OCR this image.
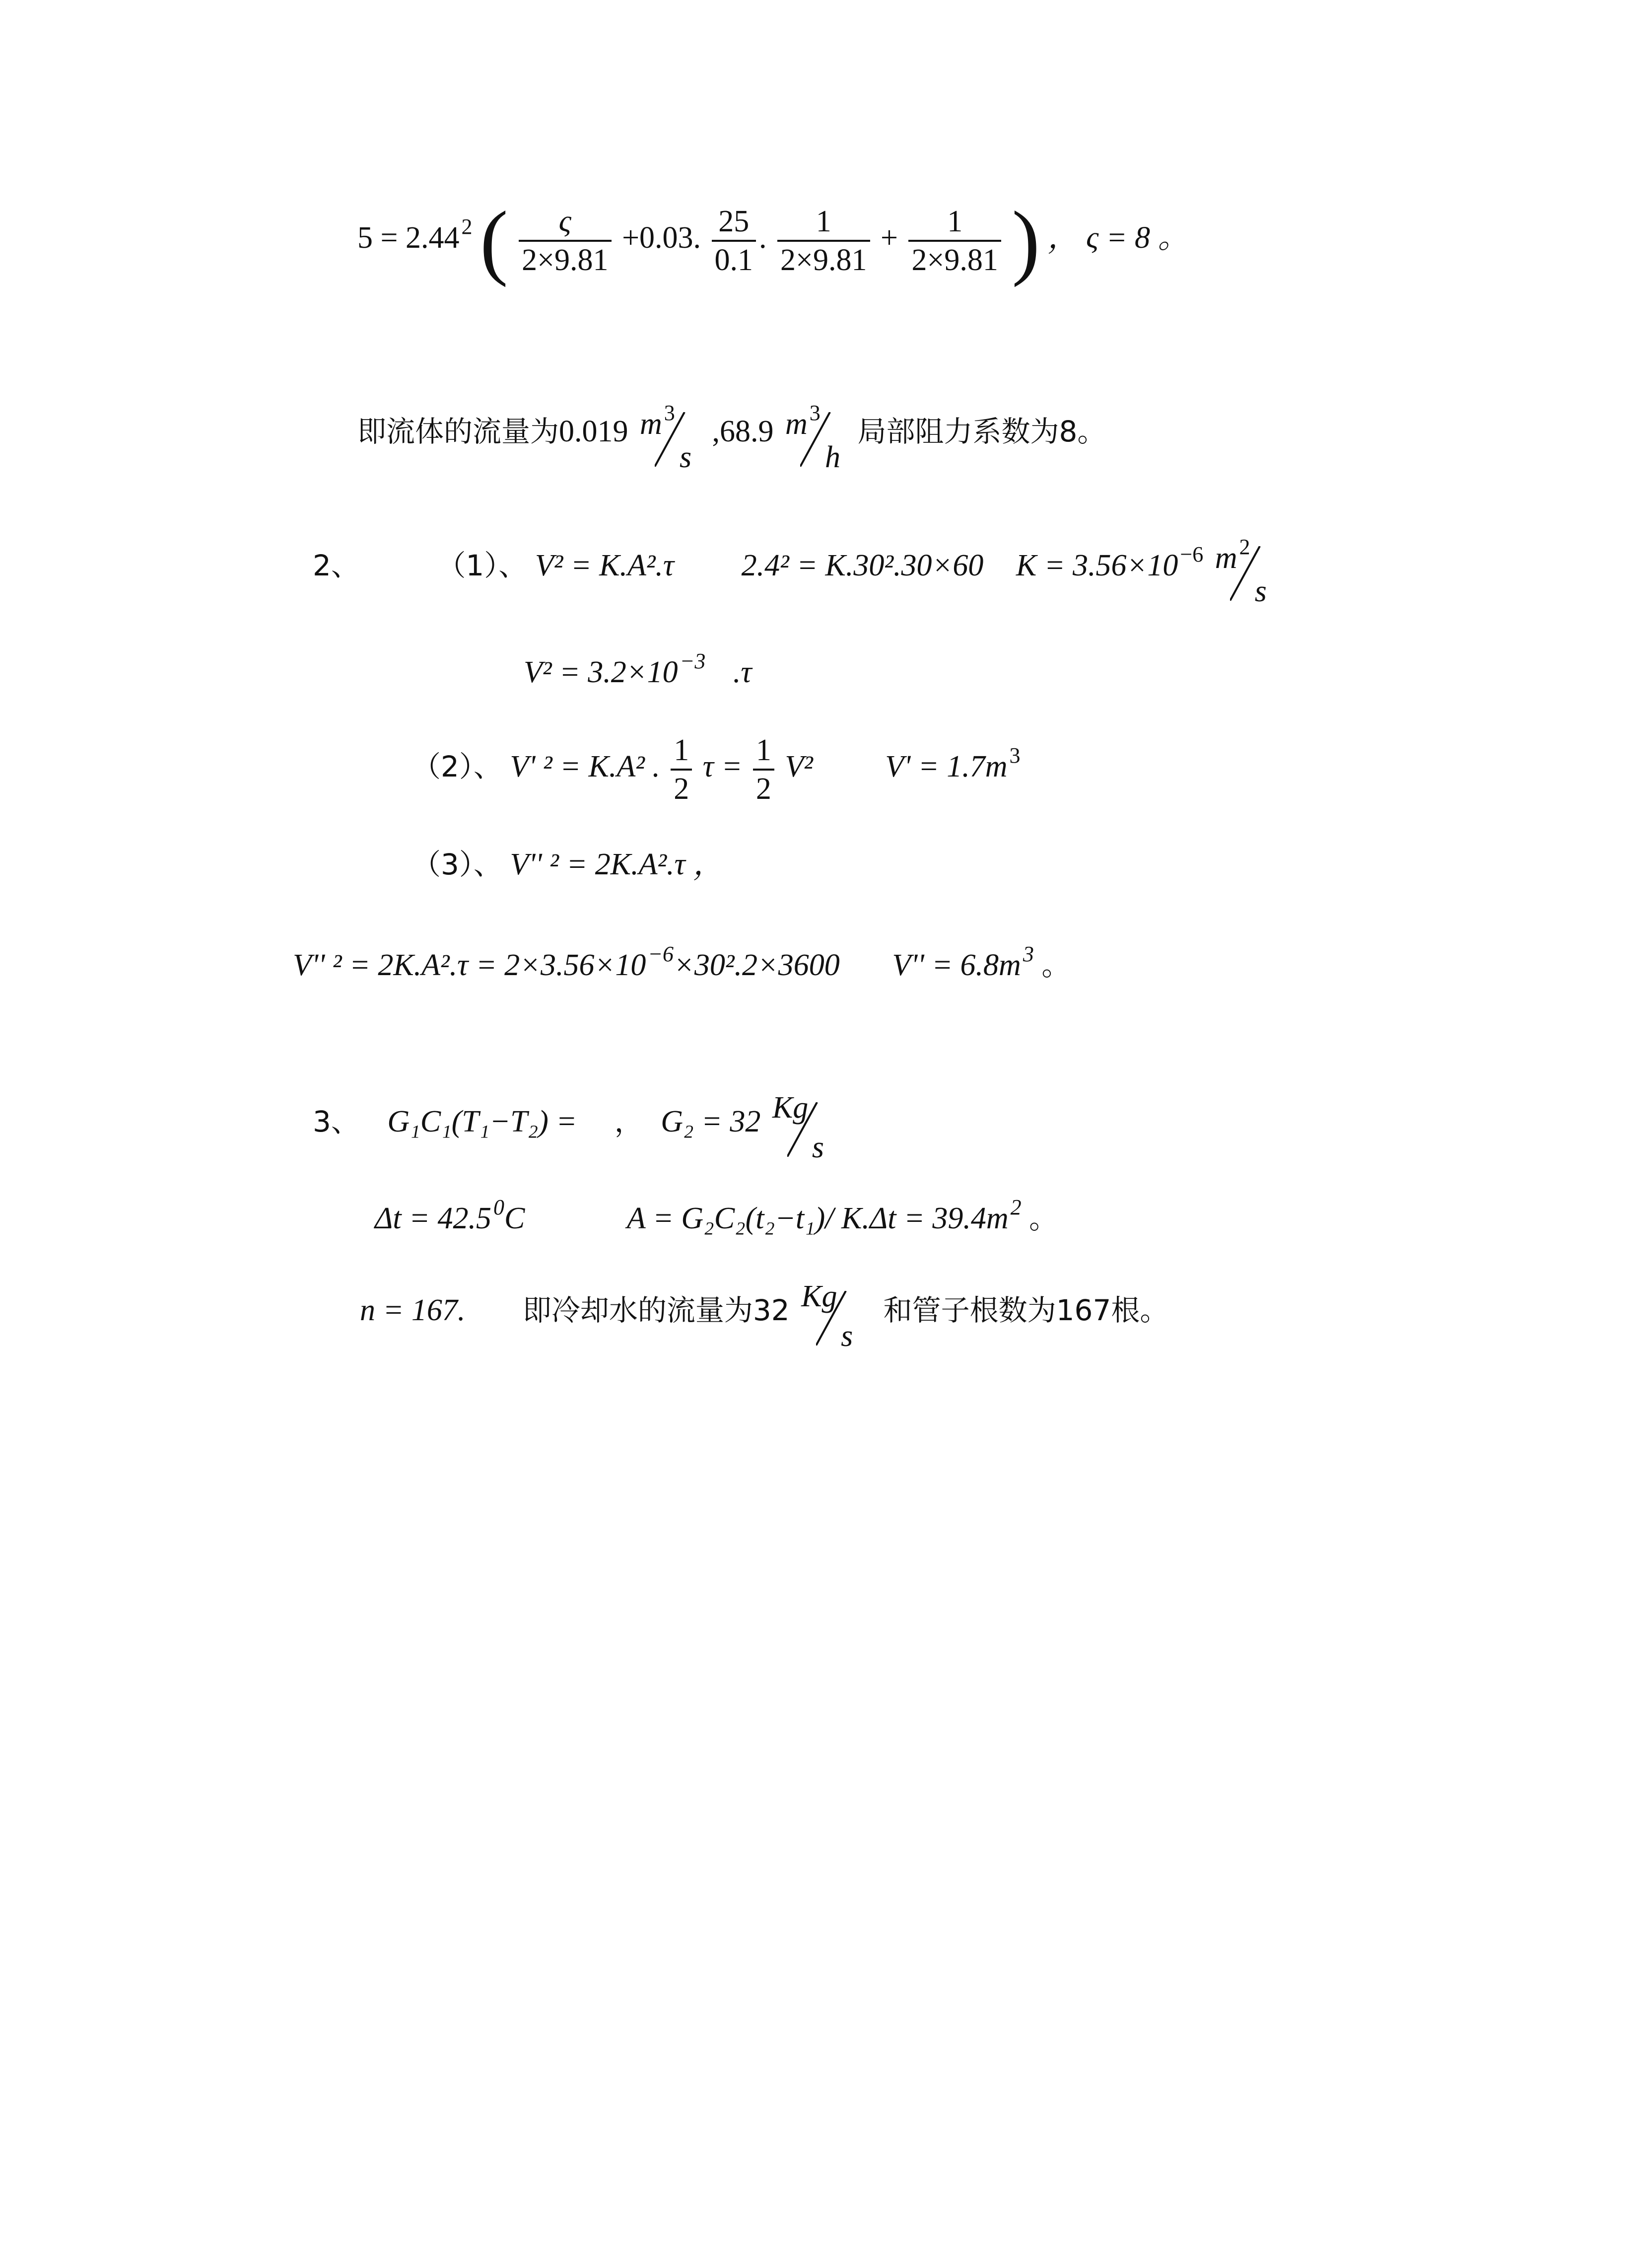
$5 = 2.44^2$ ( $\frac{\varsigma}{2\times 9.81} +0.03$. $\frac{25}{0.1}$ . $\frac{1}{2\times 9.81} + \frac{1}{2\times 9.81}$ ) ， ς = 8 。
即流体的流量为0.019 $m^3$
s
,68.9 $m^3$
h
局部阻力系数为8。
2、	（1）、 V² = K.A².τ 2.4² = K.30².30×60 $K = 3.56\times 10^{-6}$ $m^2$
s
$V^2 = 3.2\times 10^{-3}$ .τ
（2）、 V' ² = K.A² . $\frac{1}{2}$ $\tau = \frac{1}{2} V^2$ $V' = 1.7m^3$
（3）、 V'' ² = 2K.A².τ ，
V'' $^2 = 2K.A^2.\tau = 2\times 3.56\times 10^{-6}\times 30^2.2\times 3600$ $V'' = 6.8m^3$ 。
3、 G₁C₁(T₁−T₂) = ， G₂ = 32 Kg
s
$\Delta t = 42.5^0C$	A = G₂C₂(t₂−t₁)/ $K.\Delta t = 39.4m^2$ 。
n = 167. 即冷却水的流量为32 Kg
s
和管子根数为167根。
